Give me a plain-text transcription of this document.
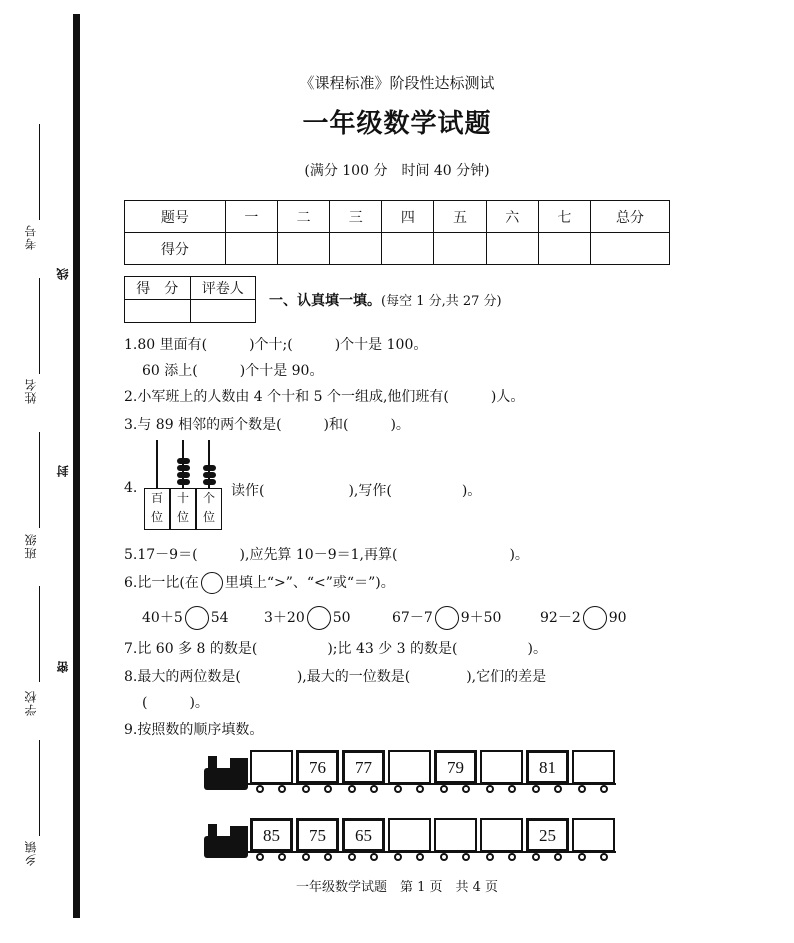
考号
姓名
班级
学校
乡镇
线
封
密
《课程标准》阶段性达标测试
一年级数学试题
(满分 100 分　时间 40 分钟)
题号	一	二	三	四	五	六	七	总分
得分								
得　分	评卷人

一、认真填一填。(每空 1 分,共 27 分)
1.80 里面有(　　　)个十;(　　　)个十是 100。
60 添上(　　　)个十是 90。
2.小军班上的人数由 4 个十和 5 个一组成,他们班有(　　　)人。
3.与 89 相邻的两个数是(　　　)和(　　　)。
4.
百
位
十
位
个
位
读作(　　　　　　),写作(　　　　　)。
5.17－9＝(　　　),应先算 10－9＝1,再算(　　　　　　　　)。
6.比一比(在 里填上“>”、“<”或“＝”)。
40＋5 54	3＋20 50	67－7 9＋50	92－2 90
7.比 60 多 8 的数是(　　　　　);比 43 少 3 的数是(　　　　　)。
8.最大的两位数是(　　　　),最大的一位数是(　　　　),它们的差是
(　　　)。
9.按照数的顺序填数。
76	77	79	81
85	75	65	25
一年级数学试题　第 1 页　共 4 页
